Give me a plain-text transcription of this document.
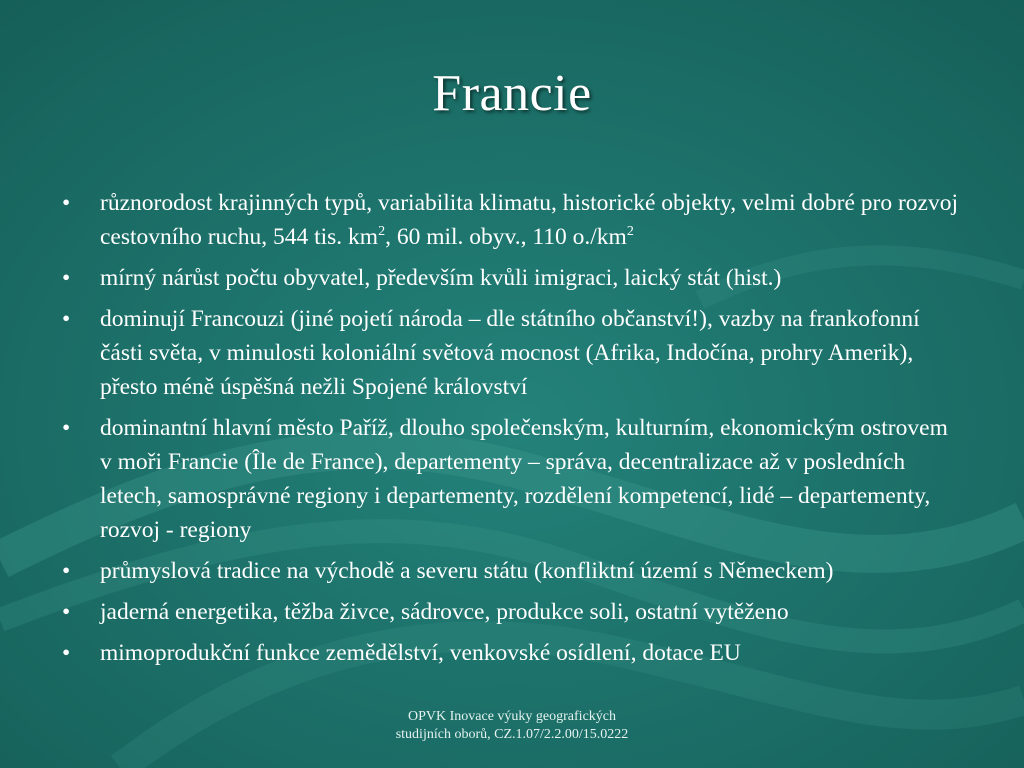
Francie
•	různorodost krajinných typů, variabilita klimatu, historické objekty, velmi dobré pro rozvoj cestovního ruchu, 544 tis. $km^2$, 60 mil. obyv., 110 $o./km^2$
•	mírný nárůst počtu obyvatel, především kvůli imigraci, laický stát (hist.)
•	dominují Francouzi (jiné pojetí národa – dle státního občanství!), vazby na frankofonní části světa, v minulosti koloniální světová mocnost (Afrika, Indočína, prohry Amerik), přesto méně úspěšná nežli Spojené království
•	dominantní hlavní město Paříž, dlouho společenským, kulturním, ekonomickým ostrovem v moři Francie (Île de France), departementy – správa, decentralizace až v posledních letech, samosprávné regiony i departementy, rozdělení kompetencí, lidé – departementy, rozvoj - regiony
•	průmyslová tradice na východě a severu státu (konfliktní území s Německem)
•	jaderná energetika, těžba živce, sádrovce, produkce soli, ostatní vytěženo
•	mimoprodukční funkce zemědělství, venkovské osídlení, dotace EU
OPVK Inovace výuky geografických
studijních oborů, CZ.1.07/2.2.00/15.0222
